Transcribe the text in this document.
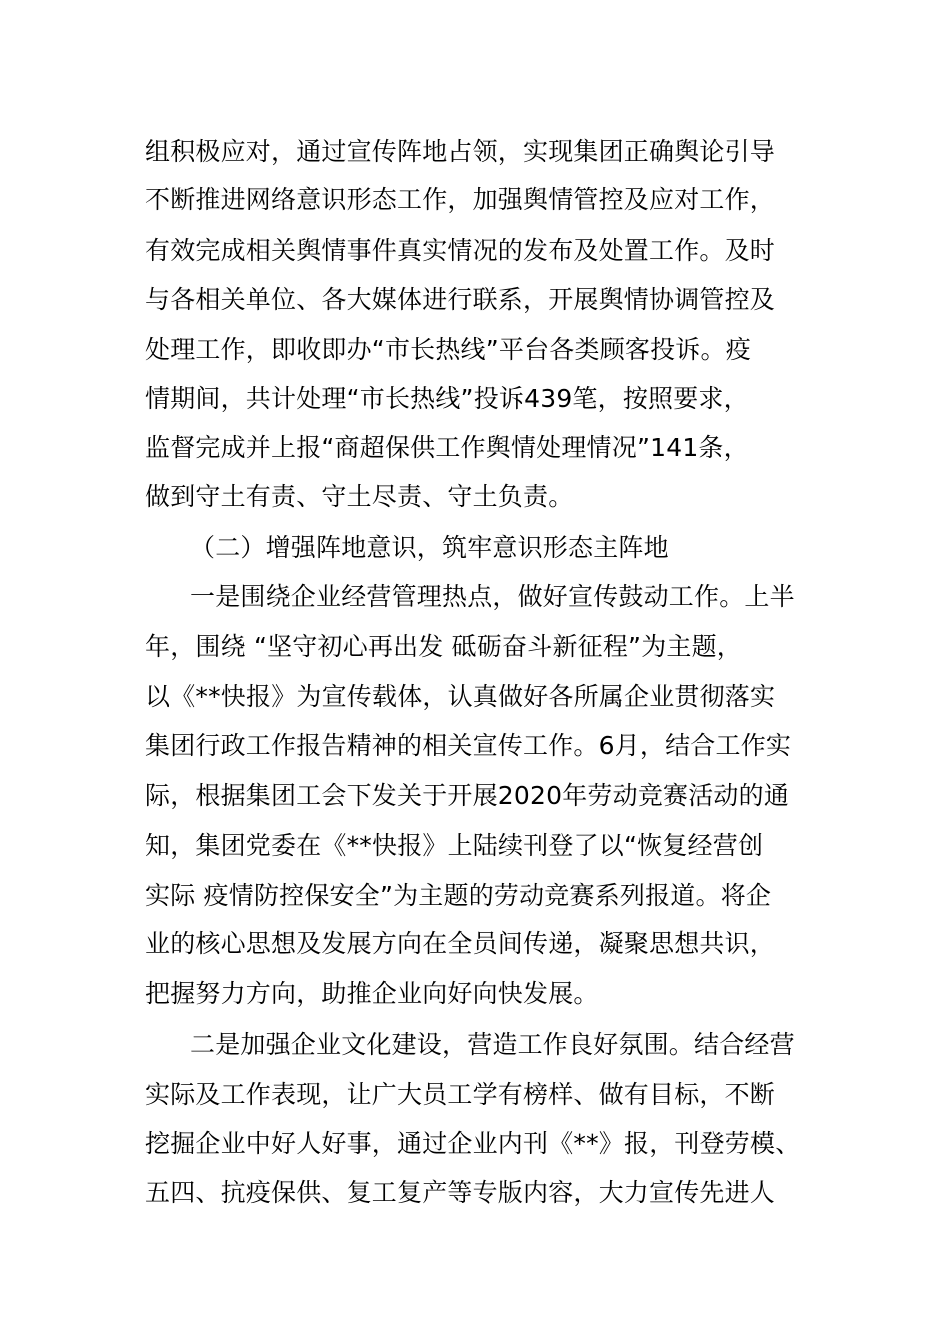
组积极应对，通过宣传阵地占领，实现集团正确舆论引导
不断推进网络意识形态工作，加强舆情管控及应对工作，
有效完成相关舆情事件真实情况的发布及处置工作。及时
与各相关单位、各大媒体进行联系，开展舆情协调管控及
处理工作，即收即办“市长热线”平台各类顾客投诉。疫
情期间，共计处理“市长热线”投诉439笔，按照要求，
监督完成并上报“商超保供工作舆情处理情况”141条，
做到守土有责、守土尽责、守土负责。
（二）增强阵地意识，筑牢意识形态主阵地
一是围绕企业经营管理热点，做好宣传鼓动工作。上半
年，围绕 “坚守初心再出发 砥砺奋斗新征程”为主题，
以《**快报》为宣传载体，认真做好各所属企业贯彻落实
集团行政工作报告精神的相关宣传工作。6月，结合工作实
际，根据集团工会下发关于开展2020年劳动竞赛活动的通
知，集团党委在《**快报》上陆续刊登了以“恢复经营创
实际 疫情防控保安全”为主题的劳动竞赛系列报道。将企
业的核心思想及发展方向在全员间传递，凝聚思想共识，
把握努力方向，助推企业向好向快发展。
二是加强企业文化建设，营造工作良好氛围。结合经营
实际及工作表现，让广大员工学有榜样、做有目标，不断
挖掘企业中好人好事，通过企业内刊《**》报，刊登劳模、
五四、抗疫保供、复工复产等专版内容，大力宣传先进人
